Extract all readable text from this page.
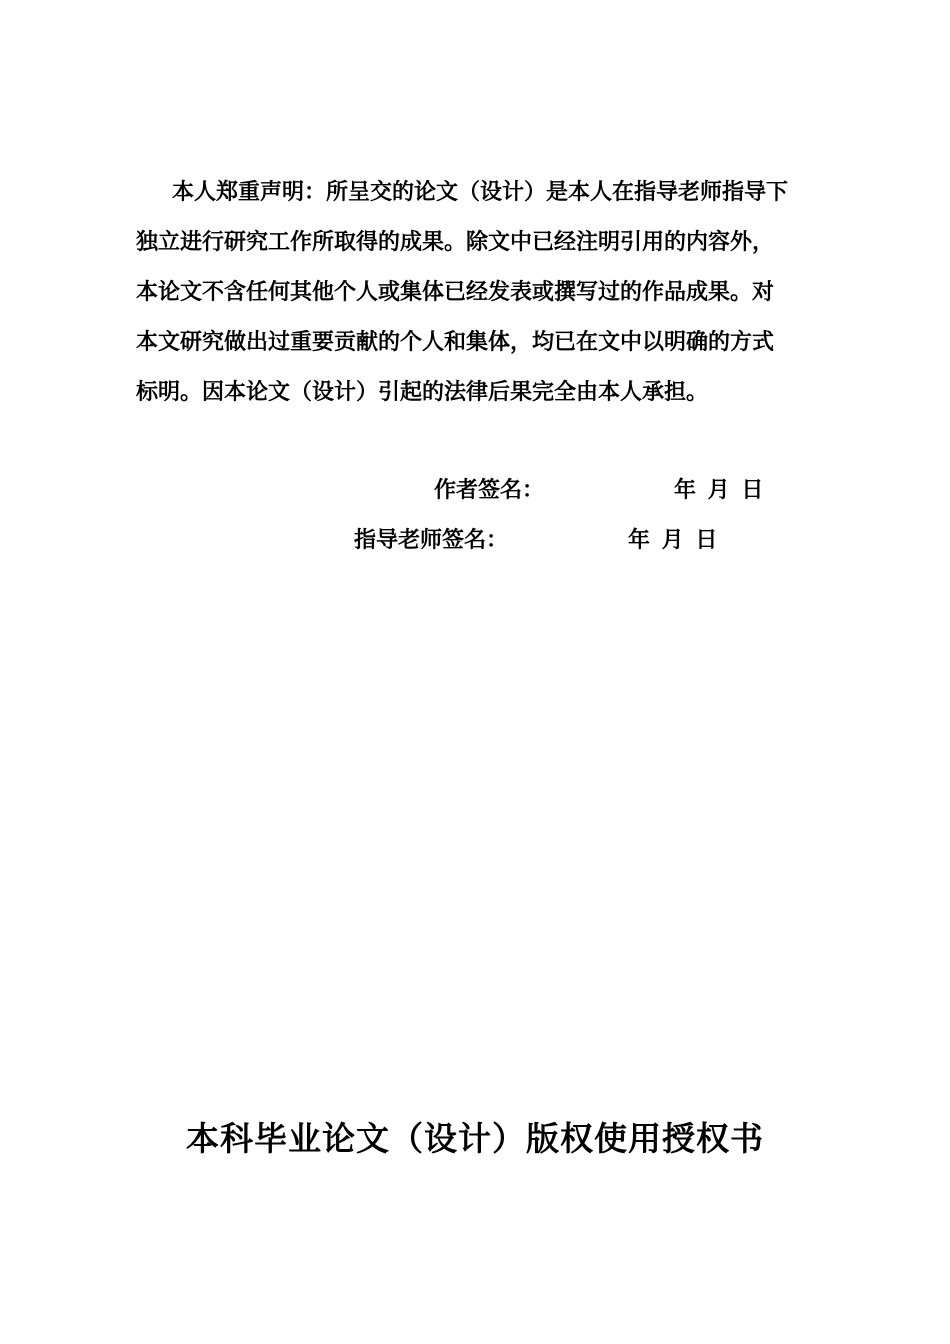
本人郑重声明：所呈交的论文（设计）是本人在指导老师指导下
独立进行研究工作所取得的成果。除文中已经注明引用的内容外，
本论文不含任何其他个人或集体已经发表或撰写过的作品成果。对
本文研究做出过重要贡献的个人和集体，均已在文中以明确的方式
标明。因本论文（设计）引起的法律后果完全由本人承担。
作者签名：	年 月 日
指导老师签名：	年 月 日
本科毕业论文（设计）版权使用授权书
